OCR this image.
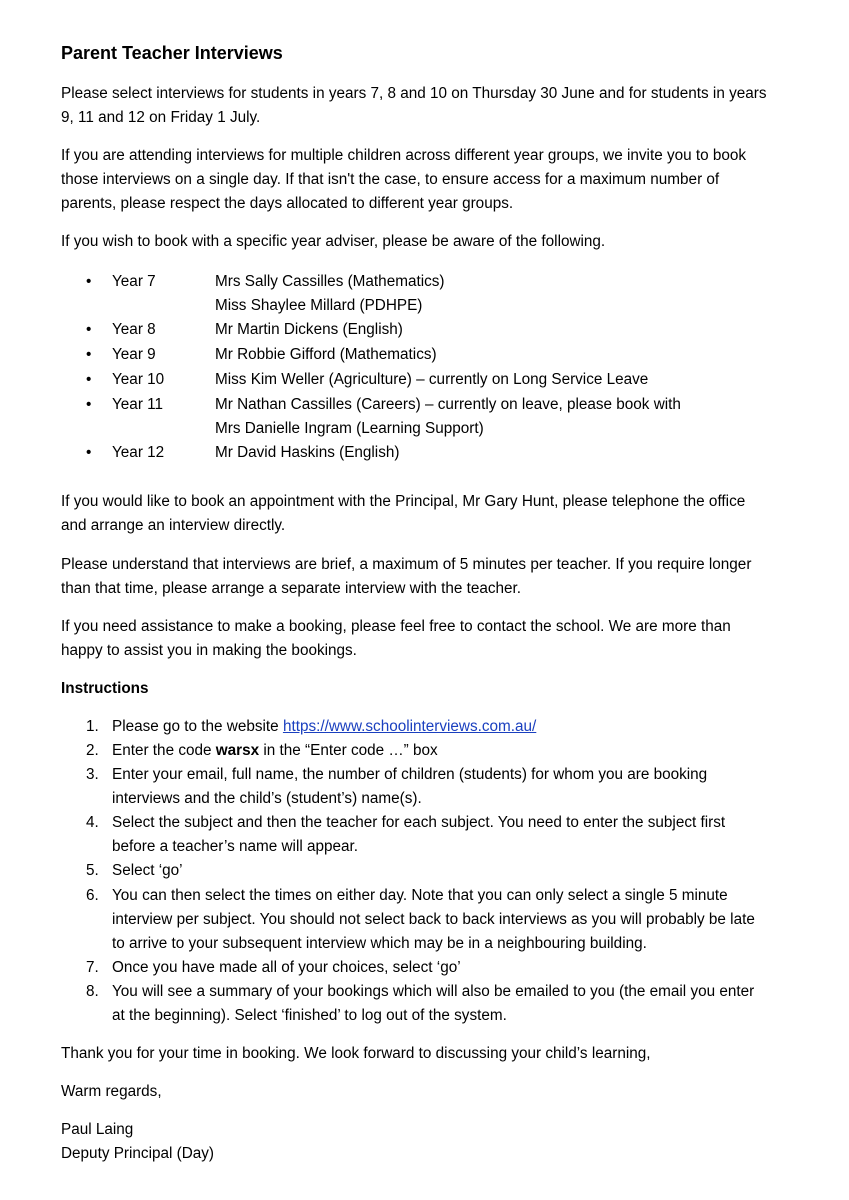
Parent Teacher Interviews
Please select interviews for students in years 7, 8 and 10 on Thursday 30 June and for students in years
9, 11 and 12 on Friday 1 July.
If you are attending interviews for multiple children across different year groups, we invite you to book
those interviews on a single day. If that isn't the case, to ensure access for a maximum number of
parents, please respect the days allocated to different year groups.
If you wish to book with a specific year adviser, please be aware of the following.
• Year 7	Mrs Sally Cassilles (Mathematics)
Miss Shaylee Millard (PDHPE)
• Year 8	Mr Martin Dickens (English)
• Year 9	Mr Robbie Gifford (Mathematics)
• Year 10	Miss Kim Weller (Agriculture) – currently on Long Service Leave
• Year 11	Mr Nathan Cassilles (Careers) – currently on leave, please book with
Mrs Danielle Ingram (Learning Support)
• Year 12	Mr David Haskins (English)
If you would like to book an appointment with the Principal, Mr Gary Hunt, please telephone the office
and arrange an interview directly.
Please understand that interviews are brief, a maximum of 5 minutes per teacher. If you require longer
than that time, please arrange a separate interview with the teacher.
If you need assistance to make a booking, please feel free to contact the school. We are more than
happy to assist you in making the bookings.
Instructions
1. Please go to the website https://www.schoolinterviews.com.au/
2. Enter the code warsx in the “Enter code …” box
3. Enter your email, full name, the number of children (students) for whom you are booking
interviews and the child’s (student’s) name(s).
4. Select the subject and then the teacher for each subject. You need to enter the subject first
before a teacher’s name will appear.
5. Select ‘go’
6. You can then select the times on either day. Note that you can only select a single 5 minute
interview per subject. You should not select back to back interviews as you will probably be late
to arrive to your subsequent interview which may be in a neighbouring building.
7. Once you have made all of your choices, select ‘go’
8. You will see a summary of your bookings which will also be emailed to you (the email you enter
at the beginning). Select ‘finished’ to log out of the system.
Thank you for your time in booking. We look forward to discussing your child’s learning,
Warm regards,
Paul Laing
Deputy Principal (Day)
